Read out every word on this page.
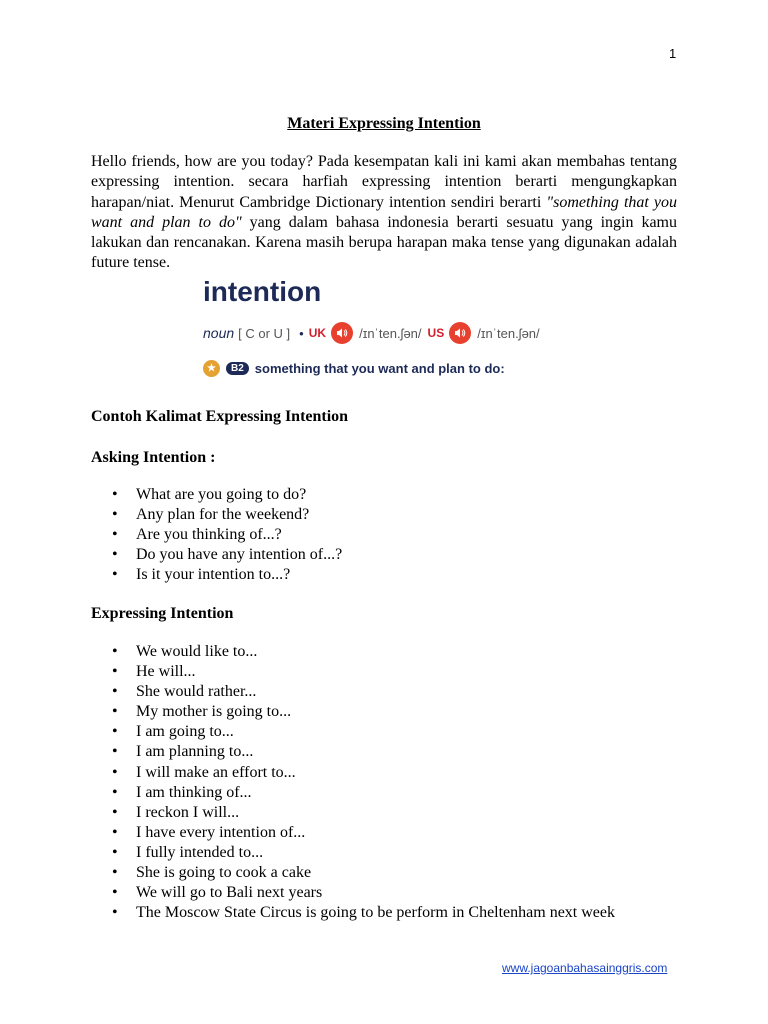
1
Materi Expressing Intention

Hello friends, how are you today? Pada kesempatan kali ini kami akan membahas tentang expressing intention. secara harfiah expressing intention berarti mengungkapkan harapan/niat. Menurut Cambridge Dictionary intention sendiri berarti "something that you want and plan to do" yang dalam bahasa indonesia berarti sesuatu yang ingin kamu lakukan dan rencanakan. Karena masih berupa harapan maka tense yang digunakan adalah future tense.

intention
noun [ C or U ] • UK	/ɪnˈten.ʃən/ US	/ɪnˈten.ʃən/
★	B2 something that you want and plan to do:
Contoh Kalimat Expressing Intention
Asking Intention :
• What are you going to do?
• Any plan for the weekend?
• Are you thinking of...?
• Do you have any intention of...?
• Is it your intention to...?
Expressing Intention
• We would like to...
• He will...
• She would rather...
• My mother is going to...
• I am going to...
• I am planning to...
• I will make an effort to...
• I am thinking of...
• I reckon I will...
• I have every intention of...
• I fully intended to...
• She is going to cook a cake
• We will go to Bali next years
• The Moscow State Circus is going to be perform in Cheltenham next week
www.jagoanbahasainggris.com
